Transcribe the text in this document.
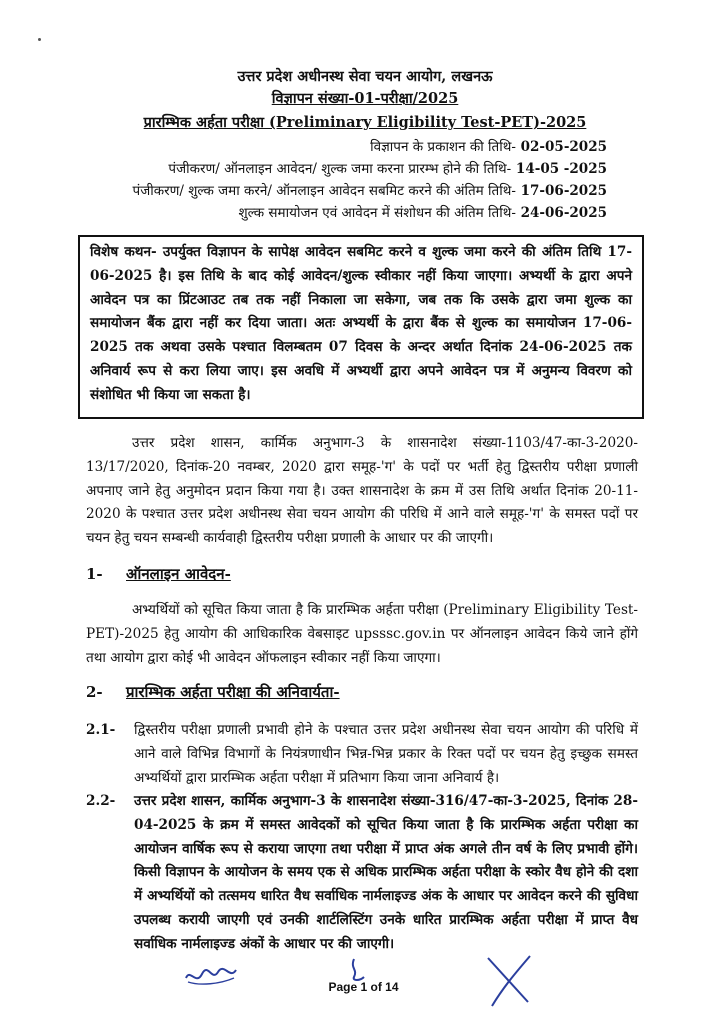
उत्तर प्रदेश अधीनस्थ सेवा चयन आयोग, लखनऊ
विज्ञापन संख्या-01-परीक्षा/2025
प्रारम्भिक अर्हता परीक्षा (Preliminary Eligibility Test-PET)-2025
विज्ञापन के प्रकाशन की तिथि- 02-05-2025
पंजीकरण/ ऑनलाइन आवेदन/ शुल्क जमा करना प्रारम्भ होने की तिथि- 14-05 -2025
पंजीकरण/ शुल्क जमा करने/ ऑनलाइन आवेदन सबमिट करने की अंतिम तिथि- 17-06-2025
शुल्क समायोजन एवं आवेदन में संशोधन की अंतिम तिथि- 24-06-2025
विशेष कथन- उपर्युक्त विज्ञापन के सापेक्ष आवेदन सबमिट करने व शुल्क जमा करने की अंतिम तिथि 17-06-2025 है। इस तिथि के बाद कोई आवेदन/शुल्क स्वीकार नहीं किया जाएगा। अभ्यर्थी के द्वारा अपने आवेदन पत्र का प्रिंटआउट तब तक नहीं निकाला जा सकेगा, जब तक कि उसके द्वारा जमा शुल्क का समायोजन बैंक द्वारा नहीं कर दिया जाता। अतः अभ्यर्थी के द्वारा बैंक से शुल्क का समायोजन 17-06-2025 तक अथवा उसके पश्चात विलम्बतम 07 दिवस के अन्दर अर्थात दिनांक 24-06-2025 तक अनिवार्य रूप से करा लिया जाए। इस अवधि में अभ्यर्थी द्वारा अपने आवेदन पत्र में अनुमन्य विवरण को संशोधित भी किया जा सकता है।
उत्तर प्रदेश शासन, कार्मिक अनुभाग-3 के शासनादेश संख्या-1103/47-का-3-2020-13/17/2020, दिनांक-20 नवम्बर, 2020 द्वारा समूह-'ग' के पदों पर भर्ती हेतु द्विस्तरीय परीक्षा प्रणाली अपनाए जाने हेतु अनुमोदन प्रदान किया गया है। उक्त शासनादेश के क्रम में उस तिथि अर्थात दिनांक 20-11-2020 के पश्चात उत्तर प्रदेश अधीनस्थ सेवा चयन आयोग की परिधि में आने वाले समूह-'ग' के समस्त पदों पर चयन हेतु चयन सम्बन्धी कार्यवाही द्विस्तरीय परीक्षा प्रणाली के आधार पर की जाएगी।
1- ऑनलाइन आवेदन-
अभ्यर्थियों को सूचित किया जाता है कि प्रारम्भिक अर्हता परीक्षा (Preliminary Eligibility Test-PET)-2025 हेतु आयोग की आधिकारिक वेबसाइट upsssc.gov.in पर ऑनलाइन आवेदन किये जाने होंगे तथा आयोग द्वारा कोई भी आवेदन ऑफलाइन स्वीकार नहीं किया जाएगा।
2- प्रारम्भिक अर्हता परीक्षा की अनिवार्यता-
2.1- द्विस्तरीय परीक्षा प्रणाली प्रभावी होने के पश्चात उत्तर प्रदेश अधीनस्थ सेवा चयन आयोग की परिधि में आने वाले विभिन्न विभागों के नियंत्रणाधीन भिन्न-भिन्न प्रकार के रिक्त पदों पर चयन हेतु इच्छुक समस्त अभ्यर्थियों द्वारा प्रारम्भिक अर्हता परीक्षा में प्रतिभाग किया जाना अनिवार्य है।
2.2- उत्तर प्रदेश शासन, कार्मिक अनुभाग-3 के शासनादेश संख्या-316/47-का-3-2025, दिनांक 28-04-2025 के क्रम में समस्त आवेदकों को सूचित किया जाता है कि प्रारम्भिक अर्हता परीक्षा का आयोजन वार्षिक रूप से कराया जाएगा तथा परीक्षा में प्राप्त अंक अगले तीन वर्ष के लिए प्रभावी होंगे। किसी विज्ञापन के आयोजन के समय एक से अधिक प्रारम्भिक अर्हता परीक्षा के स्कोर वैध होने की दशा में अभ्यर्थियों को तत्समय धारित वैध सर्वाधिक नार्मलाइज्ड अंक के आधार पर आवेदन करने की सुविधा उपलब्ध करायी जाएगी एवं उनकी शार्टलिस्टिंग उनके धारित प्रारम्भिक अर्हता परीक्षा में प्राप्त वैध सर्वाधिक नार्मलाइज्ड अंकों के आधार पर की जाएगी।
Page 1 of 14
